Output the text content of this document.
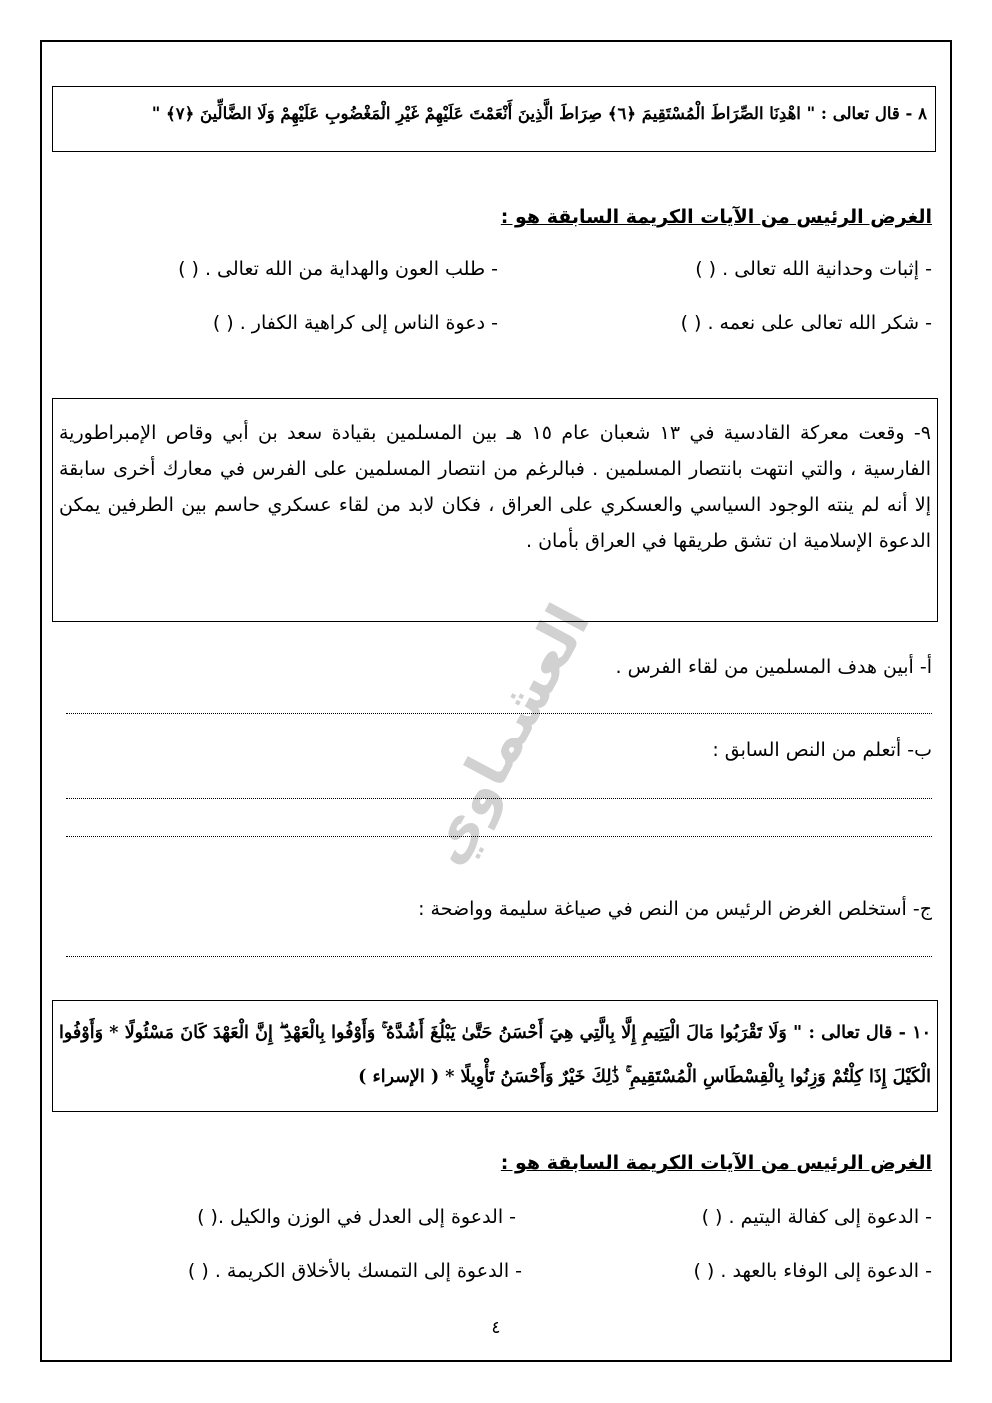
العشماوي
٨ - قال تعالى : " اهْدِنَا الصِّرَاطَ الْمُسْتَقِيمَ ﴿٦﴾ صِرَاطَ الَّذِينَ أَنْعَمْتَ عَلَيْهِمْ غَيْرِ الْمَغْضُوبِ عَلَيْهِمْ وَلَا الضَّالِّينَ ﴿٧﴾ "
الغرض الرئيس من الآيات الكريمة السابقة هو :
- إثبات وحدانية الله تعالى . ( )
- طلب العون والهداية من الله تعالى . ( )
- شكر الله تعالى على نعمه . ( )
- دعوة الناس إلى كراهية الكفار . ( )
٩- وقعت معركة القادسية في ١٣ شعبان عام ١٥ هـ بين المسلمين بقيادة سعد بن أبي وقاص الإمبراطورية الفارسية ، والتي انتهت بانتصار المسلمين . فبالرغم من انتصار المسلمين على الفرس في معارك أخرى سابقة إلا أنه لم ينته الوجود السياسي والعسكري على العراق ، فكان لابد من لقاء عسكري حاسم بين الطرفين يمكن الدعوة الإسلامية ان تشق طريقها في العراق بأمان .
أ- أبين هدف المسلمين من لقاء الفرس .
ب- أتعلم من النص السابق :
ج- أستخلص الغرض الرئيس من النص في صياغة سليمة وواضحة :
١٠ - قال تعالى : " وَلَا تَقْرَبُوا مَالَ الْيَتِيمِ إِلَّا بِالَّتِي هِيَ أَحْسَنُ حَتَّىٰ يَبْلُغَ أَشُدَّهُ ۚ وَأَوْفُوا بِالْعَهْدِ ۖ إِنَّ الْعَهْدَ كَانَ مَسْئُولًا * وَأَوْفُوا الْكَيْلَ إِذَا كِلْتُمْ وَزِنُوا بِالْقِسْطَاسِ الْمُسْتَقِيمِ ۚ ذَٰلِكَ خَيْرٌ وَأَحْسَنُ تَأْوِيلًا * ( الإسراء )
الغرض الرئيس من الآيات الكريمة السابقة هو :
- الدعوة إلى كفالة اليتيم . ( )
- الدعوة إلى العدل في الوزن والكيل .( )
- الدعوة إلى الوفاء بالعهد . ( )
- الدعوة إلى التمسك بالأخلاق الكريمة . ( )
٤
